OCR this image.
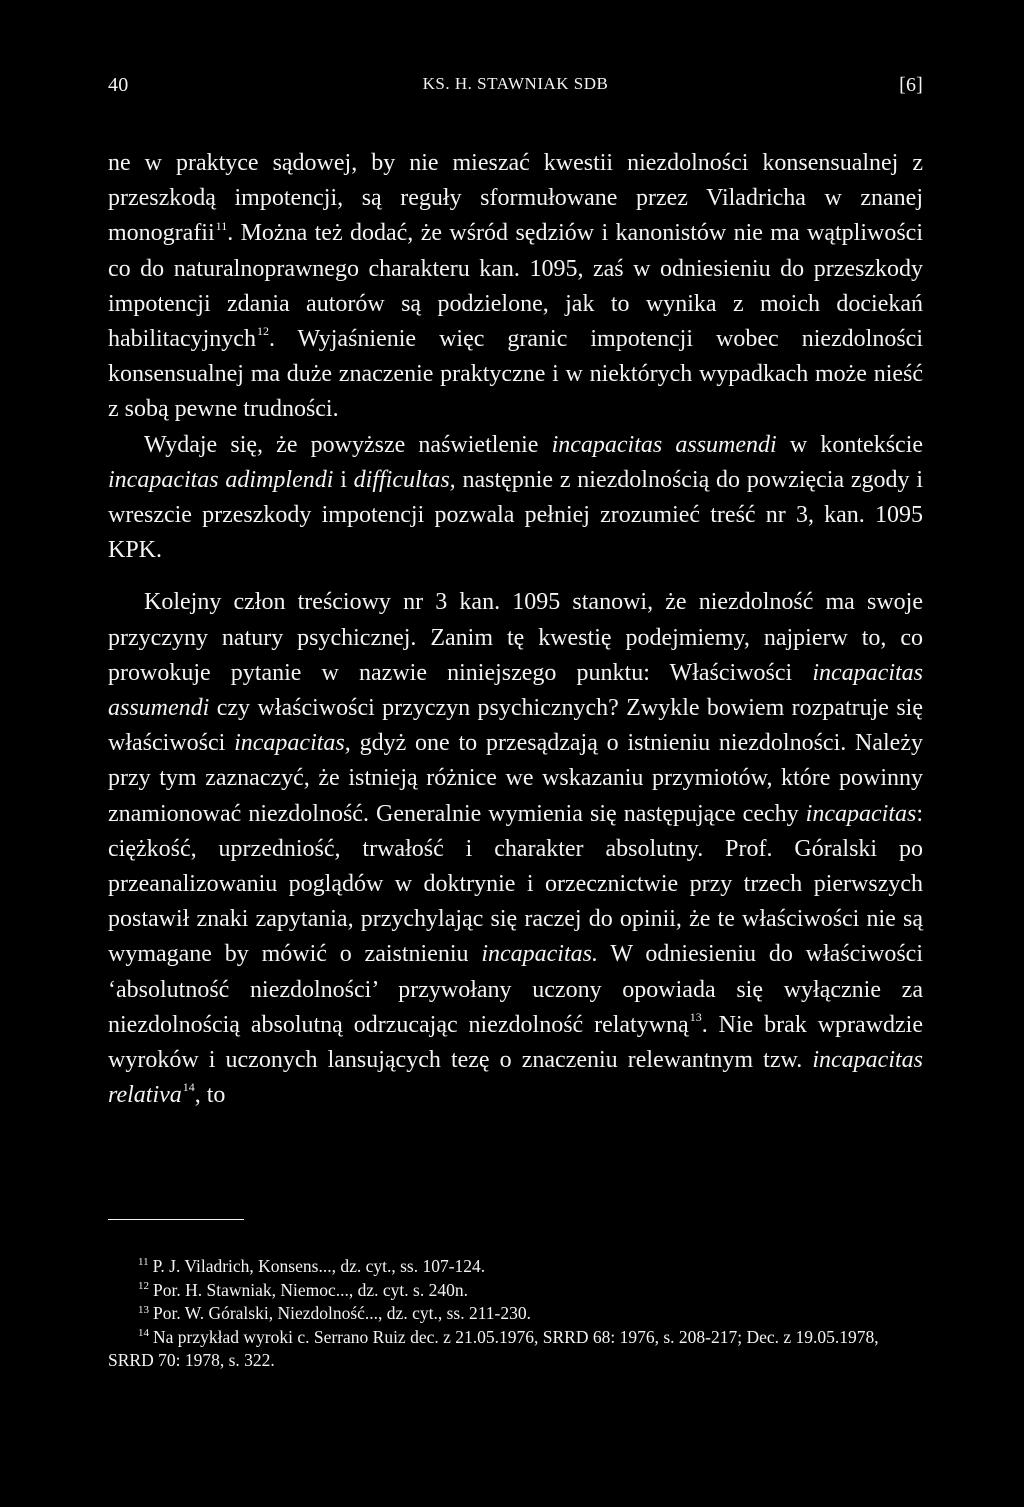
40	KS. H. STAWNIAK SDB	[6]

ne w praktyce sądowej, by nie mieszać kwestii niezdolności konsensualnej z przeszkodą impotencji, są reguły sformułowane przez Viladricha w znanej monografii$^{11}$. Można też dodać, że wśród sędziów i kanonistów nie ma wątpliwości co do naturalnoprawnego charakteru kan. 1095, zaś w odniesieniu do przeszkody impotencji zdania autorów są podzielone, jak to wynika z moich dociekań habilitacyjnych$^{12}$. Wyjaśnienie więc granic impotencji wobec niezdolności konsensualnej ma duże znaczenie praktyczne i w niektórych wypadkach może nieść z sobą pewne trudności.

Wydaje się, że powyższe naświetlenie incapacitas assumendi w kontekście incapacitas adimplendi i difficultas, następnie z niezdolnością do powzięcia zgody i wreszcie przeszkody impotencji pozwala pełniej zrozumieć treść nr 3, kan. 1095 KPK.

Kolejny człon treściowy nr 3 kan. 1095 stanowi, że niezdolność ma swoje przyczyny natury psychicznej. Zanim tę kwestię podejmiemy, najpierw to, co prowokuje pytanie w nazwie niniejszego punktu: Właściwości incapacitas assumendi czy właściwości przyczyn psychicznych? Zwykle bowiem rozpatruje się właściwości incapacitas, gdyż one to przesądzają o istnieniu niezdolności. Należy przy tym zaznaczyć, że istnieją różnice we wskazaniu przymiotów, które powinny znamionować niezdolność. Generalnie wymienia się następujące cechy incapacitas: ciężkość, uprzedniość, trwałość i charakter absolutny. Prof. Góralski po przeanalizowaniu poglądów w doktrynie i orzecznictwie przy trzech pierwszych postawił znaki zapytania, przychylając się raczej do opinii, że te właściwości nie są wymagane by mówić o zaistnieniu incapacitas. W odniesieniu do właściwości ‘absolutność niezdolności’ przywołany uczony opowiada się wyłącznie za niezdolnością absolutną odrzucając niezdolność relatywną$^{13}$. Nie brak wprawdzie wyroków i uczonych lansujących tezę o znaczeniu relewantnym tzw. incapacitas relativa$^{14}$, to

$^{11}$ P. J. Viladrich, Konsens..., dz. cyt., ss. 107-124.

$^{12}$ Por. H. Stawniak, Niemoc..., dz. cyt. s. 240n.

$^{13}$ Por. W. Góralski, Niezdolność..., dz. cyt., ss. 211-230.

$^{14}$ Na przykład wyroki c. Serrano Ruiz dec. z 21.05.1976, SRRD 68: 1976, s. 208-217; Dec. z 19.05.1978, SRRD 70: 1978, s. 322.
